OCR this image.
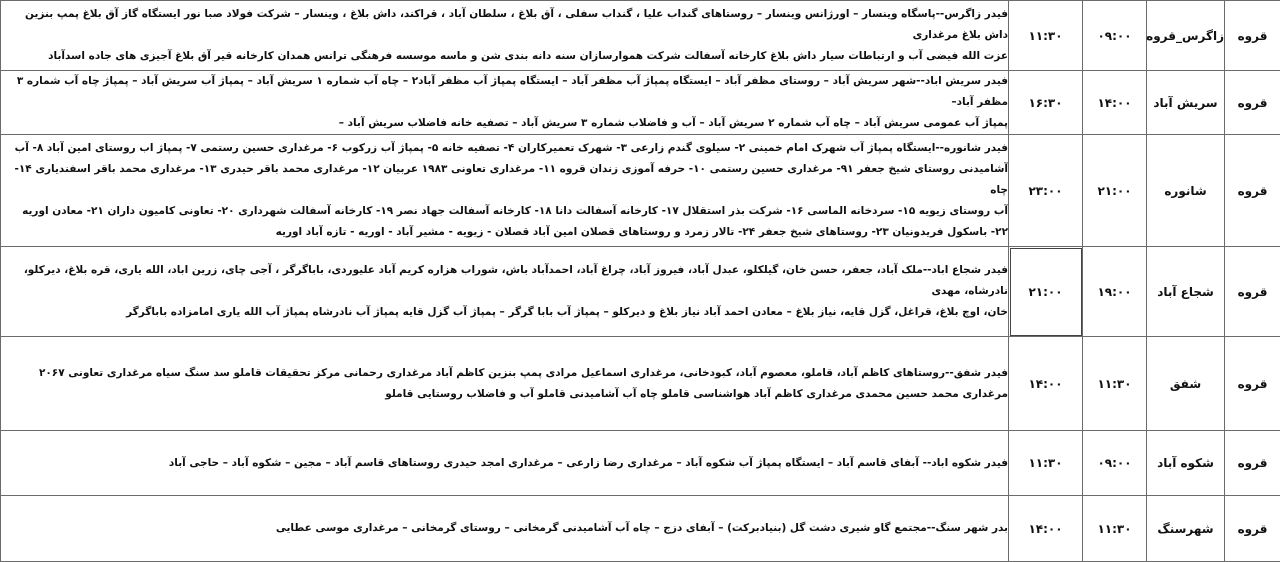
قروه	زاگرس_قروه	۰۹:۰۰	۱۱:۳۰	فیدر زاگرس--پاسگاه وینسار – اورژانس وینسار – روستاهای گنداب علیا ، گنداب سفلی ، آق بلاغ ، سلطان آباد ، قراکند، داش بلاغ ، وینسار – شرکت فولاد صبا نور ایستگاه گاز آق بلاغ پمپ بنزین داش بلاغ مرغداری
عزت الله فیضی آب و ارتباطات سیار داش بلاغ کارخانه آسفالت شرکت هموارسازان سنه دانه بندی شن و ماسه موسسه فرهنگی ترانس همدان کارخانه قیر آق بلاغ آجیزی های جاده اسدآباد

قروه	سریش آباد	۱۴:۰۰	۱۶:۳۰	فیدر سریش اباد--شهر سریش آباد – روستای مظفر آباد – ایستگاه پمپاژ آب مظفر آباد – ایستگاه پمپاژ آب مظفر آباد۲ – چاه آب شماره ۱ سریش آباد – پمپاژ آب سریش آباد – پمپاژ چاه آب شماره ۳ مظفر آباد–
پمپاژ آب عمومی سریش آباد – چاه آب شماره ۲ سریش آباد – آب و فاضلاب شماره ۳ سریش آباد – تصفیه خانه فاضلاب سریش آباد –

قروه	شانوره	۲۱:۰۰	۲۳:۰۰	فیدر شانوره--ایستگاه پمپاژ آب شهرک امام خمینی ۲- سیلوی گندم زارعی ۳- شهرک تعمیرکاران ۴- تصفیه خانه ۵- پمپاژ آب زرکوب ۶- مرغداری حسین رستمی ۷- پمپاژ اب روستای امین آباد ۸- آب
آشامیدنی روستای شیخ جعفر ۹۱- مرغداری حسین رستمی ۱۰- حرفه آموزی زندان قروه ۱۱- مرغداری تعاونی ۱۹۸۳ عربیان ۱۲- مرغداری محمد باقر حیدری ۱۳- مرغداری محمد باقر اسفندیاری ۱۴- چاه
آب روستای زیویه ۱۵- سردخانه الماسی ۱۶- شرکت بذر استقلال ۱۷- کارخانه آسفالت دانا ۱۸- کارخانه آسفالت جهاد نصر ۱۹- کارخانه آسفالت شهرداری ۲۰- تعاونی کامیون داران ۲۱- معادن اوریه
۲۲- باسکول فریدونیان ۲۳- روستاهای شیخ جعفر ۲۴- تالار زمرد و روستاهای قصلان امین آباد قصلان - زیویه - مشیر آباد - اوریه - تازه آباد اوریه

قروه	شجاع آباد	۱۹:۰۰	۲۱:۰۰	فیدر شجاع اباد--ملک آباد، جعفر، حسن خان، گیلکلو، عبدل آباد، فیروز آباد، چراغ آباد، احمدآباد باش، شوراب هزاره کریم آباد علیوردی، باباگرگر ، آجی چای، زرین اباد، الله یاری، قره بلاغ، دیرکلو، نادرشاه، مهدی
خان، اوچ بلاغ، قراغل، گزل قایه، نیاز بلاغ – معادن احمد آباد نیاز بلاغ و دیرکلو – پمپاژ آب بابا گرگر – پمپاژ آب گزل قایه پمپاژ آب نادرشاه پمپاژ آب الله یاری امامزاده باباگرگر

قروه	شفق	۱۱:۳۰	۱۴:۰۰	فیدر شفق--روستاهای کاظم آباد، قاملو، معصوم آباد، کبودخانی، مرغداری اسماعیل مرادی پمپ بنزین کاظم آباد مرغداری رحمانی مرکز تحقیقات قاملو سد سنگ سیاه مرغداری تعاونی ۲۰۶۷
مرغداری محمد حسین محمدی مرغداری کاظم آباد هواشناسی قاملو چاه آب آشامیدنی قاملو آب و فاضلاب روستایی قاملو

قروه	شکوه آباد	۰۹:۰۰	۱۱:۳۰	فیدر شکوه اباد-- آبفای قاسم آباد – ایستگاه پمپاژ آب شکوه آباد – مرغداری رضا زارعی – مرغداری امجد حیدری روستاهای قاسم آباد – مجین – شکوه آباد – حاجی آباد

قروه	شهرسنگ	۱۱:۳۰	۱۴:۰۰	بدر شهر سنگ--مجتمع گاو شیری دشت گل (بنیادبرکت) – آبفای دزج – چاه آب آشامیدنی گرمخانی – روستای گرمخانی – مرغداری موسی عطایی
